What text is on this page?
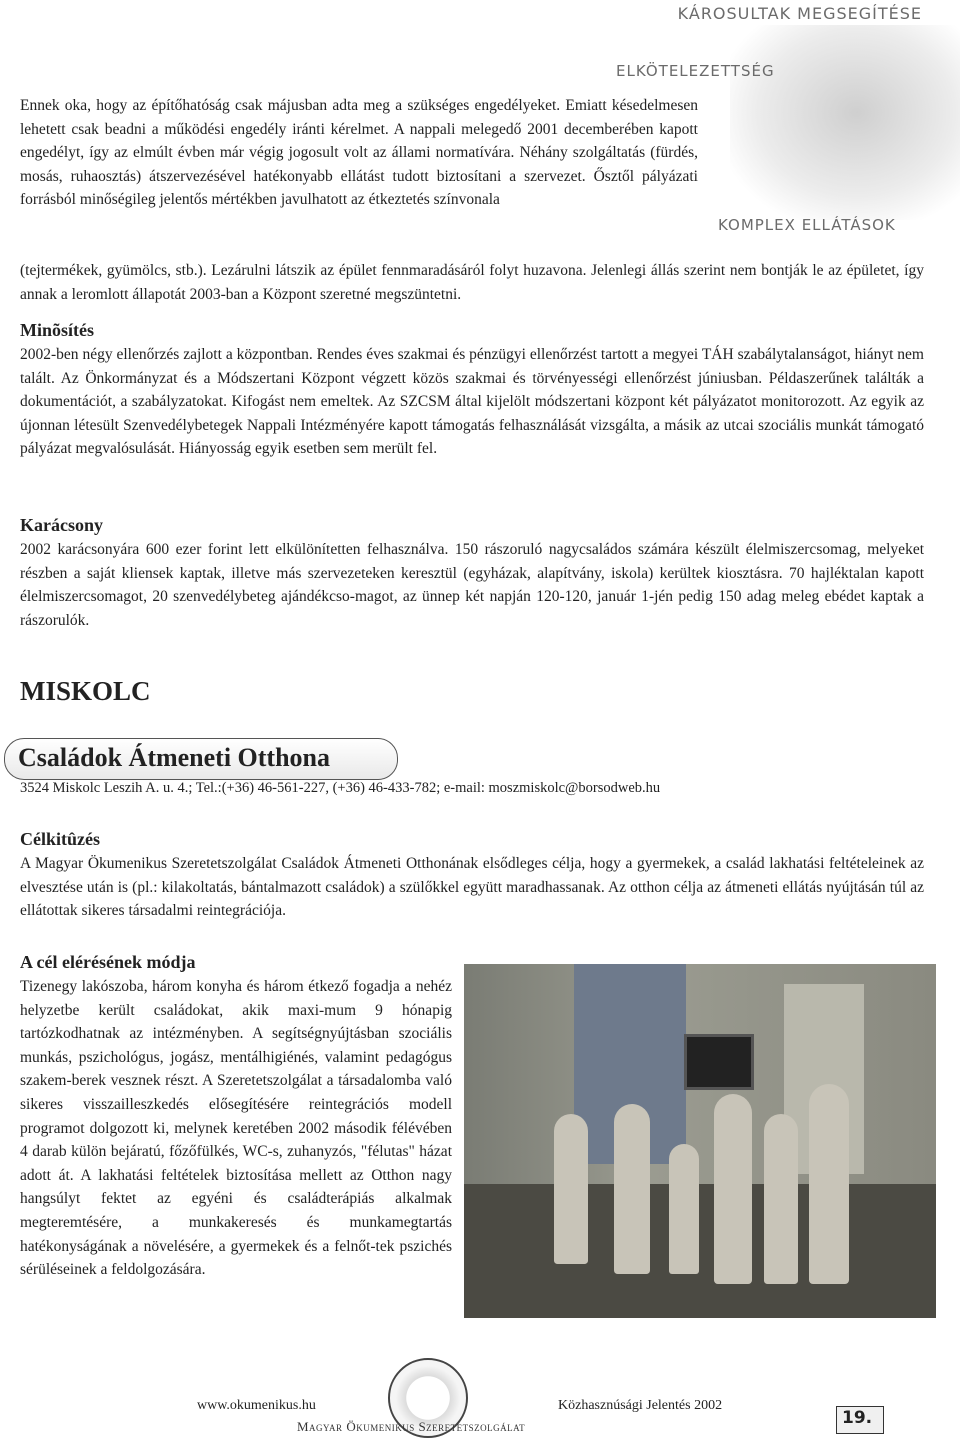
KÁROSULTAK MEGSEGÍTÉSE
ELKÖTELEZETTSÉG
KOMPLEX ELLÁTÁSOK

Ennek oka, hogy az építőhatóság csak májusban adta meg a szükséges engedélyeket. Emiatt késedelmesen lehetett csak beadni a működési engedély iránti kérelmet. A nappali melegedő 2001 decemberében kapott engedélyt, így az elmúlt évben már végig jogosult volt az állami normatívára. Néhány szolgáltatás (fürdés, mosás, ruhaosztás) átszervezésével hatékonyabb ellátást tudott biztosítani a szervezet. Ősztől pályázati forrásból minőségileg jelentős mértékben javulhatott az étkeztetés színvonala

(tejtermékek, gyümölcs, stb.). Lezárulni látszik az épület fennmaradásáról folyt huzavona. Jelenlegi állás szerint nem bontják le az épületet, így annak a leromlott állapotát 2003-ban a Központ szeretné megszüntetni.

Minõsítés

2002-ben négy ellenőrzés zajlott a központban. Rendes éves szakmai és pénzügyi ellenőrzést tartott a megyei TÁH szabálytalanságot, hiányt nem talált. Az Önkormányzat és a Módszertani Központ végzett közös szakmai és törvényességi ellenőrzést júniusban. Példaszerűnek találták a dokumentációt, a szabályzatokat. Kifogást nem emeltek. Az SZCSM által kijelölt módszertani központ két pályázatot monitorozott. Az egyik az újonnan létesült Szenvedélybetegek Nappali Intézményére kapott támogatás felhasználását vizsgálta, a másik az utcai szociális munkát támogató pályázat megvalósulását. Hiányosság egyik esetben sem merült fel.

Karácsony

2002 karácsonyára 600 ezer forint lett elkülönítetten felhasználva. 150 rászoruló nagycsaládos számára készült élelmiszercsomag, melyeket részben a saját kliensek kaptak, illetve más szervezeteken keresztül (egyházak, alapítvány, iskola) kerültek kiosztásra. 70 hajléktalan kapott élelmiszercsomagot, 20 szenvedélybeteg ajándékcso-magot, az ünnep két napján 120-120, január 1-jén pedig 150 adag meleg ebédet kaptak a rászorulók.

MISKOLC
Családok Átmeneti Otthona

3524 Miskolc Leszih A. u. 4.; Tel.:(+36) 46-561-227, (+36) 46-433-782; e-mail: moszmiskolc@borsodweb.hu

Célkitûzés

A Magyar Ökumenikus Szeretetszolgálat Családok Átmeneti Otthonának elsődleges célja, hogy a gyermekek, a család lakhatási feltételeinek az elvesztése után is (pl.: kilakoltatás, bántalmazott családok) a szülőkkel együtt maradhassanak. Az otthon célja az átmeneti ellátás nyújtásán túl az ellátottak sikeres társadalmi reintegrációja.

A cél elérésének módja

Tizenegy lakószoba, három konyha és három étkező fogadja a nehéz helyzetbe került családokat, akik maxi-mum 9 hónapig tartózkodhatnak az intézményben. A segítségnyújtásban szociális munkás, pszichológus, jogász, mentálhigiénés, valamint pedagógus szakem-berek vesznek részt. A Szeretetszolgálat a társadalomba való sikeres visszailleszkedés elősegítésére reintegrációs modell programot dolgozott ki, melynek keretében 2002 második félévében 4 darab külön bejáratú, főzőfülkés, WC-s, zuhanyzós, "félutas" házat adott át. A lakhatási feltételek biztosítása mellett az Otthon nagy hangsúlyt fektet az egyéni és családterápiás alkalmak megteremtésére, a munkakeresés és munkamegtartás hatékonyságának a növelésére, a gyermekek és a felnőt-tek pszichés sérüléseinek a feldolgozására.

www.okumenikus.hu	Közhasznúsági Jelentés 2002

Magyar Ökumenikus Szeretetszolgálat	19.
